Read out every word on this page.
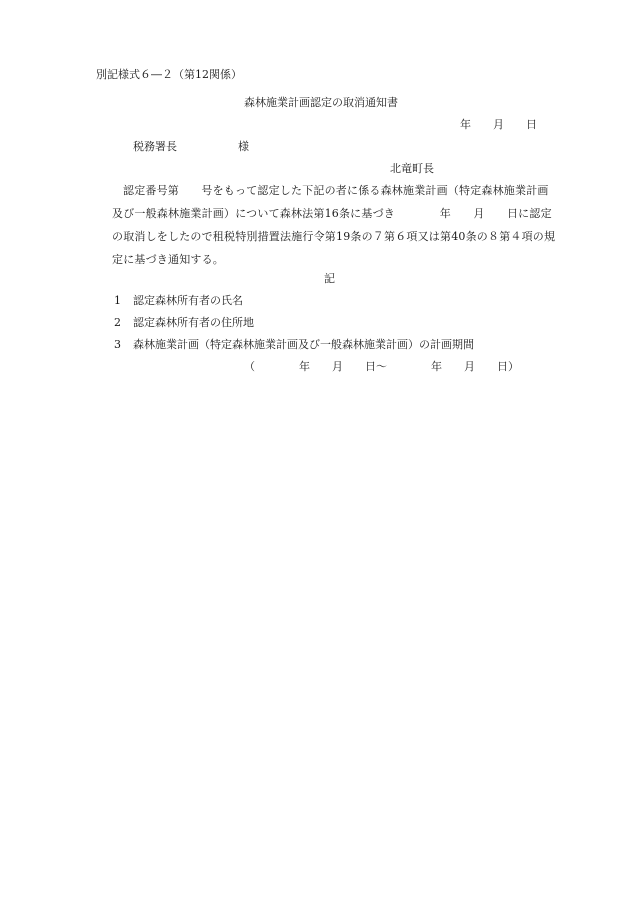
別記様式６―２（第12関係）
森林施業計画認定の取消通知書
年　　月　　日
税務署長	様
北竜町長
認定番号第　　号をもって認定した下記の者に係る森林施業計画（特定森林施業計画
及び一般森林施業計画）について森林法第16条に基づき　　　　年　　月　　日に認定
の取消しをしたので租税特別措置法施行令第19条の７第６項又は第40条の８第４項の規
定に基づき通知する。
記
1 認定森林所有者の氏名
2 認定森林所有者の住所地
3 森林施業計画（特定森林施業計画及び一般森林施業計画）の計画期間
（　　　　年　　月　　日～　　　　年　　月　　日）
